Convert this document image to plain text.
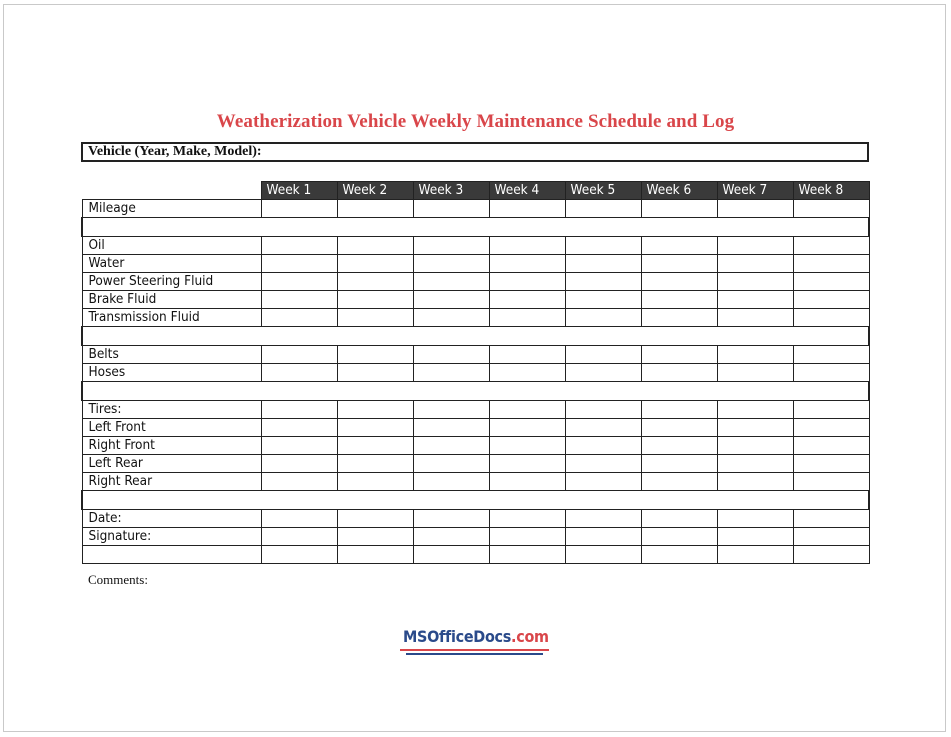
Weatherization Vehicle Weekly Maintenance Schedule and Log
Vehicle (Year, Make, Model):
	Week 1	Week 2	Week 3	Week 4	Week 5	Week 6	Week 7	Week 8
Mileage								

Oil								
Water								
Power Steering Fluid								
Brake Fluid								
Transmission Fluid								

Belts								
Hoses								

Tires:								
Left Front								
Right Front								
Left Rear								
Right Rear								

Date:								
Signature:								

Comments:
MSOfficeDocs.com
